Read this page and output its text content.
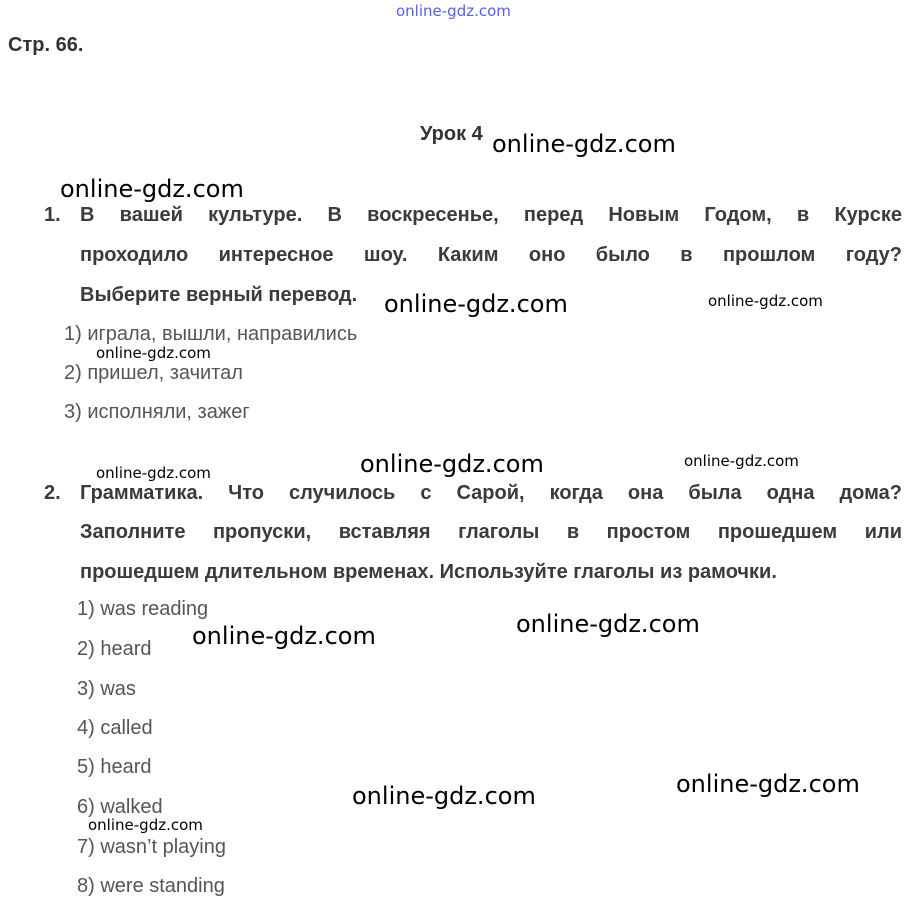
online-gdz.com
Стр. 66.
Урок 4
1. В вашей культуре. В воскресенье, перед Новым Годом, в Курске
проходило интересное шоу. Каким оно было в прошлом году?
Выберите верный перевод.
1) играла, вышли, направились
2) пришел, зачитал
3) исполняли, зажег
2. Грамматика. Что случилось с Сарой, когда она была одна дома?
Заполните пропуски, вставляя глаголы в простом прошедшем или
прошедшем длительном временах. Используйте глаголы из рамочки.
1) was reading
2) heard
3) was
4) called
5) heard
6) walked
7) wasn’t playing
8) were standing
online-gdz.com
online-gdz.com
online-gdz.com	online-gdz.com
online-gdz.com
online-gdz.com	online-gdz.com
online-gdz.com
online-gdz.com	online-gdz.com
online-gdz.com
online-gdz.com
online-gdz.com
